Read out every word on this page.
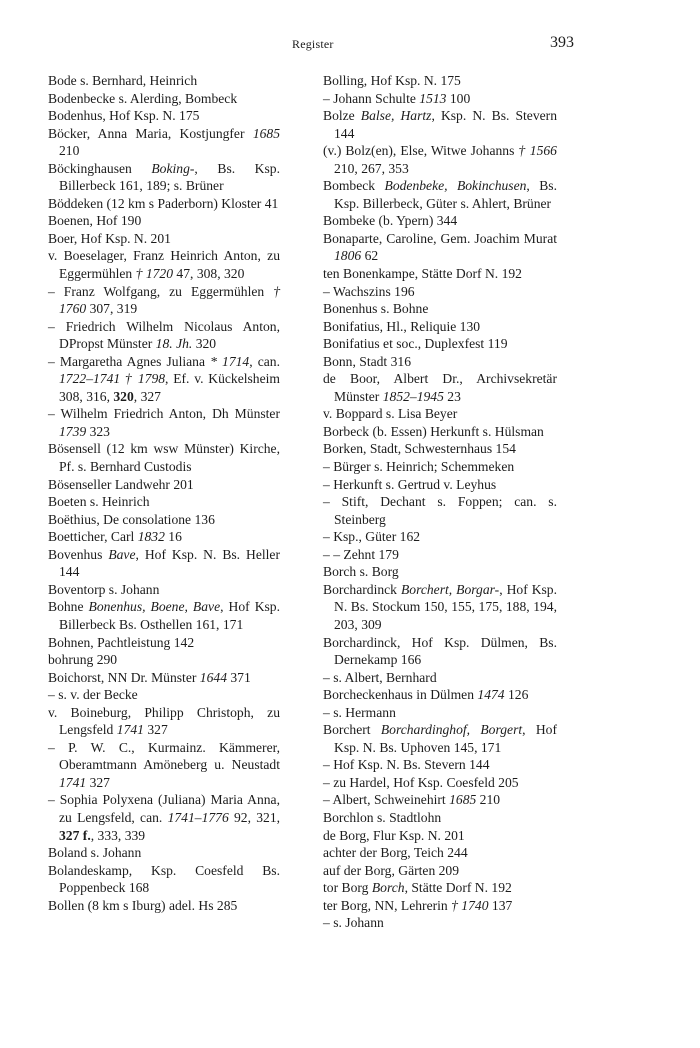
Register	393
Bode s. Bernhard, Heinrich
Bodenbecke s. Alerding, Bombeck
Bodenhus, Hof Ksp. N. 175
Böcker, Anna Maria, Kostjungfer 1685 210
Böckinghausen Boking-, Bs. Ksp. Billerbeck 161, 189; s. Brüner
Böddeken (12 km s Paderborn) Kloster 41
Boenen, Hof 190
Boer, Hof Ksp. N. 201
v. Boeselager, Franz Heinrich Anton, zu Eggermühlen † 1720 47, 308, 320
– Franz Wolfgang, zu Eggermühlen † 1760 307, 319
– Friedrich Wilhelm Nicolaus Anton, DPropst Münster 18. Jh. 320
– Margaretha Agnes Juliana * 1714, can. 1722–1741 † 1798, Ef. v. Kückelsheim 308, 316, 320, 327
– Wilhelm Friedrich Anton, Dh Münster 1739 323
Bösensell (12 km wsw Münster) Kirche, Pf. s. Bernhard Custodis
Bösenseller Landwehr 201
Boeten s. Heinrich
Boëthius, De consolatione 136
Boetticher, Carl 1832 16
Bovenhus Bave, Hof Ksp. N. Bs. Heller 144
Boventorp s. Johann
Bohne Bonenhus, Boene, Bave, Hof Ksp. Billerbeck Bs. Osthellen 161, 171
Bohnen, Pachtleistung 142
bohrung 290
Boichorst, NN Dr. Münster 1644 371
– s. v. der Becke
v. Boineburg, Philipp Christoph, zu Lengsfeld 1741 327
– P. W. C., Kurmainz. Kämmerer, Oberamtmann Amöneberg u. Neustadt 1741 327
– Sophia Polyxena (Juliana) Maria Anna, zu Lengsfeld, can. 1741–1776 92, 321, 327 f., 333, 339
Boland s. Johann
Bolandeskamp, Ksp. Coesfeld Bs. Poppenbeck 168
Bollen (8 km s Iburg) adel. Hs 285
Bolling, Hof Ksp. N. 175
– Johann Schulte 1513 100
Bolze Balse, Hartz, Ksp. N. Bs. Stevern 144
(v.) Bolz(en), Else, Witwe Johanns † 1566 210, 267, 353
Bombeck Bodenbeke, Bokinchusen, Bs. Ksp. Billerbeck, Güter s. Ahlert, Brüner
Bombeke (b. Ypern) 344
Bonaparte, Caroline, Gem. Joachim Murat 1806 62
ten Bonenkampe, Stätte Dorf N. 192
– Wachszins 196
Bonenhus s. Bohne
Bonifatius, Hl., Reliquie 130
Bonifatius et soc., Duplexfest 119
Bonn, Stadt 316
de Boor, Albert Dr., Archivsekretär Münster 1852–1945 23
v. Boppard s. Lisa Beyer
Borbeck (b. Essen) Herkunft s. Hülsman
Borken, Stadt, Schwesternhaus 154
– Bürger s. Heinrich; Schemmeken
– Herkunft s. Gertrud v. Leyhus
– Stift, Dechant s. Foppen; can. s. Steinberg
– Ksp., Güter 162
– – Zehnt 179
Borch s. Borg
Borchardinck Borchert, Borgar-, Hof Ksp. N. Bs. Stockum 150, 155, 175, 188, 194, 203, 309
Borchardinck, Hof Ksp. Dülmen, Bs. Dernekamp 166
– s. Albert, Bernhard
Borcheckenhaus in Dülmen 1474 126
– s. Hermann
Borchert Borchardinghof, Borgert, Hof Ksp. N. Bs. Uphoven 145, 171
– Hof Ksp. N. Bs. Stevern 144
– zu Hardel, Hof Ksp. Coesfeld 205
– Albert, Schweinehirt 1685 210
Borchlon s. Stadtlohn
de Borg, Flur Ksp. N. 201
achter der Borg, Teich 244
auf der Borg, Gärten 209
tor Borg Borch, Stätte Dorf N. 192
ter Borg, NN, Lehrerin † 1740 137
– s. Johann
